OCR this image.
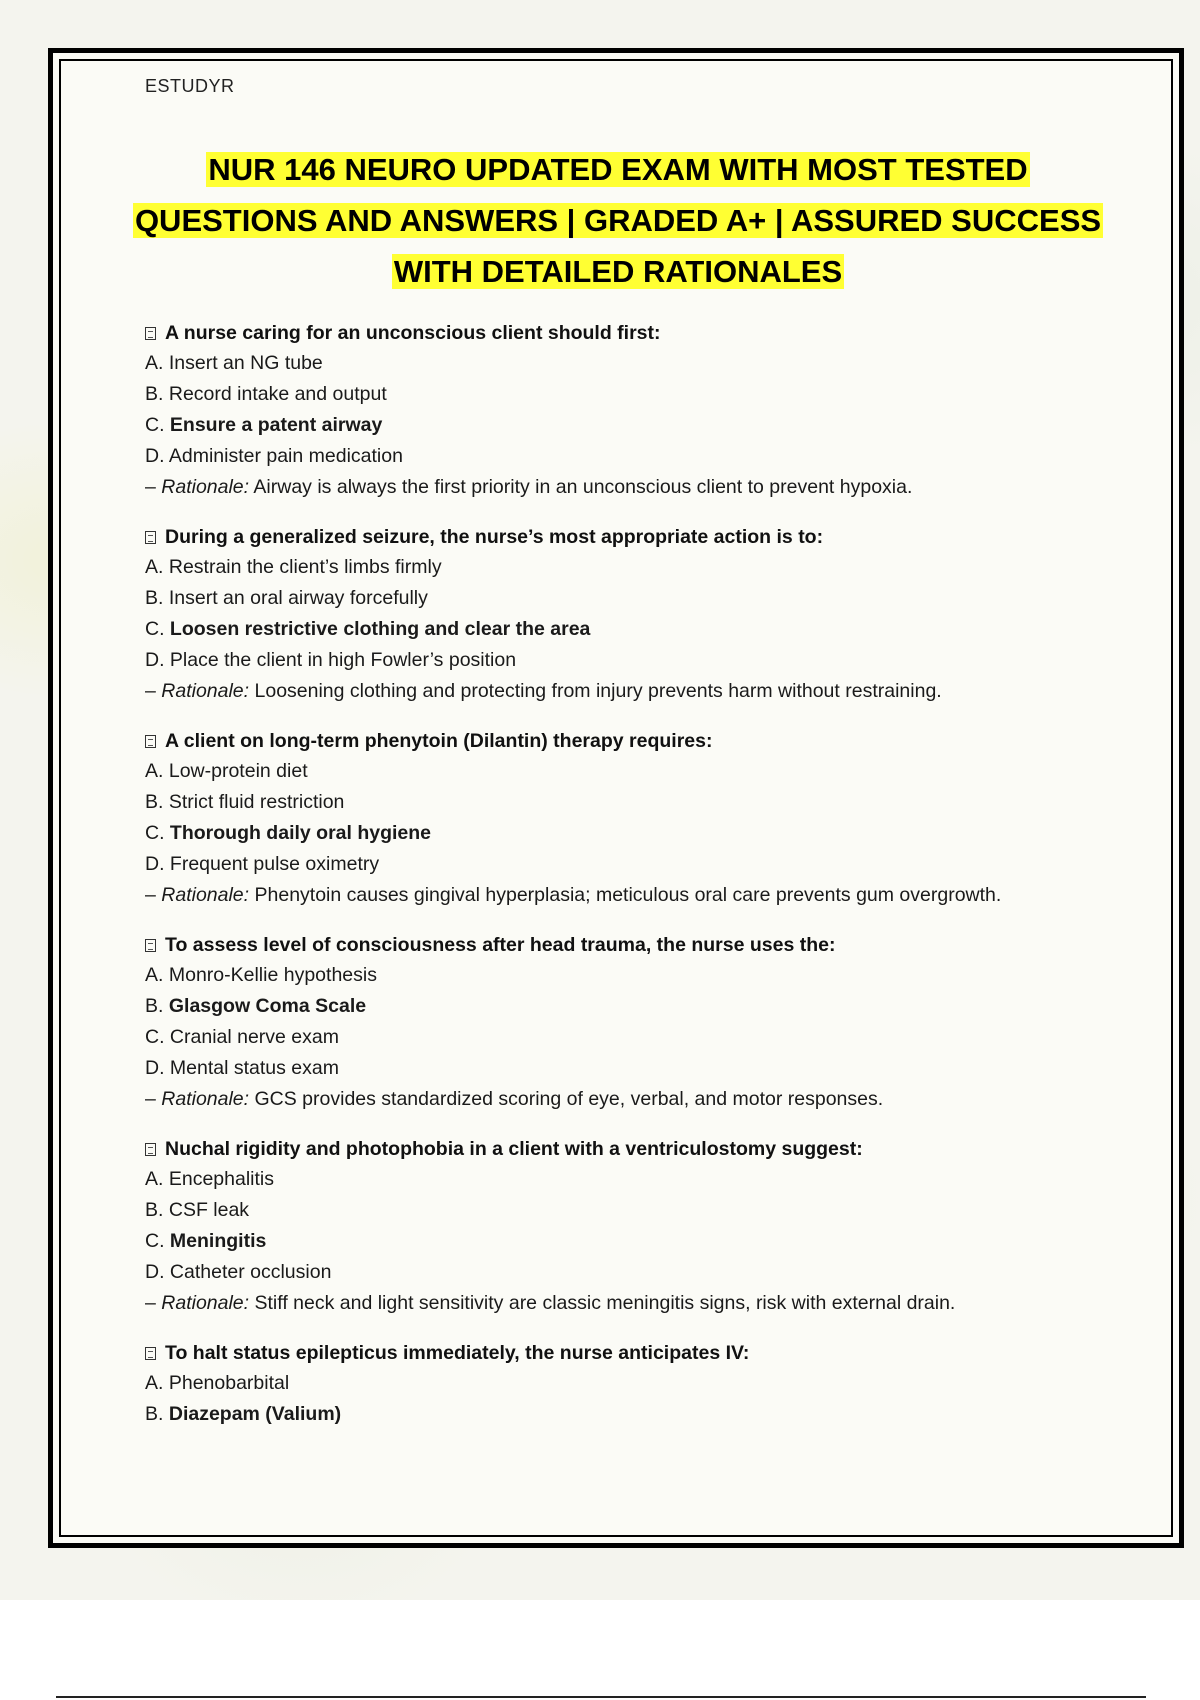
ESTUDYR
NUR 146 NEURO UPDATED EXAM WITH MOST TESTED
QUESTIONS AND ANSWERS | GRADED A+ | ASSURED SUCCESS
WITH DETAILED RATIONALES
A nurse caring for an unconscious client should first:
A. Insert an NG tube
B. Record intake and output
C. Ensure a patent airway
D. Administer pain medication
– Rationale: Airway is always the first priority in an unconscious client to prevent hypoxia.
During a generalized seizure, the nurse’s most appropriate action is to:
A. Restrain the client’s limbs firmly
B. Insert an oral airway forcefully
C. Loosen restrictive clothing and clear the area
D. Place the client in high Fowler’s position
– Rationale: Loosening clothing and protecting from injury prevents harm without restraining.
A client on long-term phenytoin (Dilantin) therapy requires:
A. Low-protein diet
B. Strict fluid restriction
C. Thorough daily oral hygiene
D. Frequent pulse oximetry
– Rationale: Phenytoin causes gingival hyperplasia; meticulous oral care prevents gum overgrowth.
To assess level of consciousness after head trauma, the nurse uses the:
A. Monro-Kellie hypothesis
B. Glasgow Coma Scale
C. Cranial nerve exam
D. Mental status exam
– Rationale: GCS provides standardized scoring of eye, verbal, and motor responses.
Nuchal rigidity and photophobia in a client with a ventriculostomy suggest:
A. Encephalitis
B. CSF leak
C. Meningitis
D. Catheter occlusion
– Rationale: Stiff neck and light sensitivity are classic meningitis signs, risk with external drain.
To halt status epilepticus immediately, the nurse anticipates IV:
A. Phenobarbital
B. Diazepam (Valium)
